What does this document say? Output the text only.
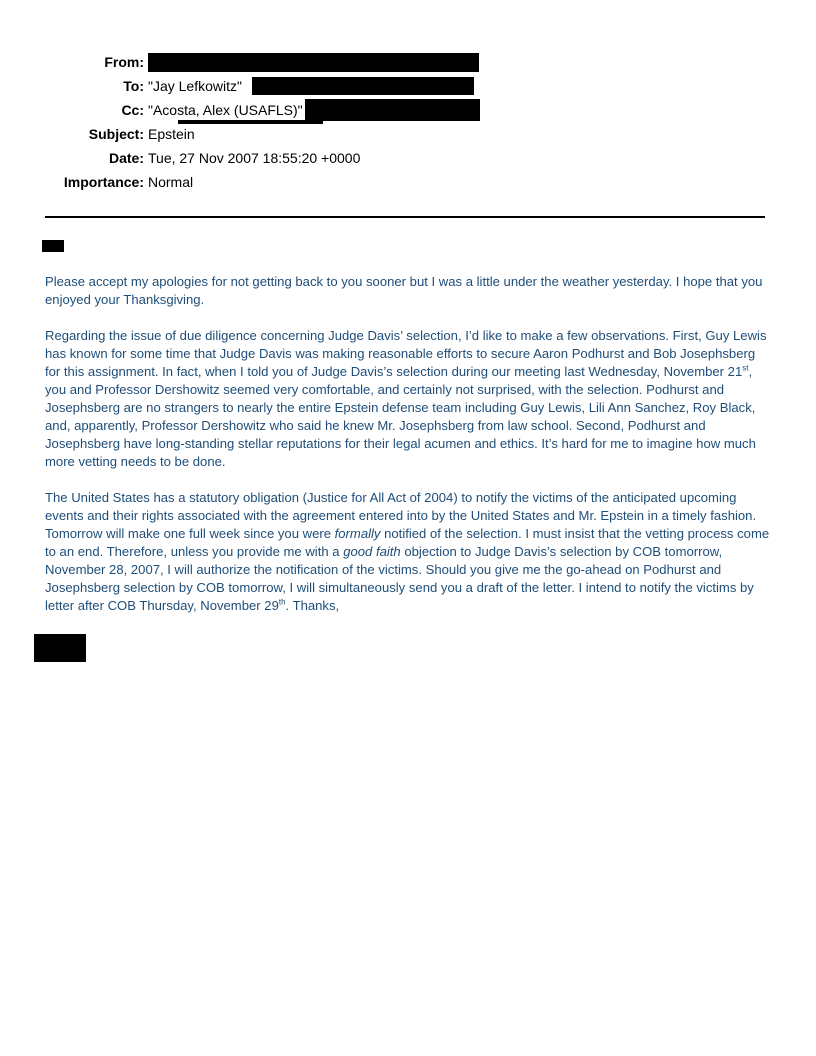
From:
To: "Jay Lefkowitz"
Cc: "Acosta, Alex (USAFLS)"
Subject: Epstein
Date: Tue, 27 Nov 2007 18:55:20 +0000
Importance: Normal

Please accept my apologies for not getting back to you sooner but I was a little under the weather yesterday. I hope that you enjoyed your Thanksgiving.

Regarding the issue of due diligence concerning Judge Davis’ selection, I’d like to make a few observations. First, Guy Lewis has known for some time that Judge Davis was making reasonable efforts to secure Aaron Podhurst and Bob Josephsberg for this assignment. In fact, when I told you of Judge Davis’s selection during our meeting last Wednesday, November 21st, you and Professor Dershowitz seemed very comfortable, and certainly not surprised, with the selection. Podhurst and Josephsberg are no strangers to nearly the entire Epstein defense team including Guy Lewis, Lili Ann Sanchez, Roy Black, and, apparently, Professor Dershowitz who said he knew Mr. Josephsberg from law school. Second, Podhurst and Josephsberg have long-standing stellar reputations for their legal acumen and ethics. It’s hard for me to imagine how much more vetting needs to be done.

The United States has a statutory obligation (Justice for All Act of 2004) to notify the victims of the anticipated upcoming events and their rights associated with the agreement entered into by the United States and Mr. Epstein in a timely fashion. Tomorrow will make one full week since you were formally notified of the selection. I must insist that the vetting process come to an end. Therefore, unless you provide me with a good faith objection to Judge Davis’s selection by COB tomorrow, November 28, 2007, I will authorize the notification of the victims. Should you give me the go-ahead on Podhurst and Josephsberg selection by COB tomorrow, I will simultaneously send you a draft of the letter. I intend to notify the victims by letter after COB Thursday, November 29th. Thanks,
